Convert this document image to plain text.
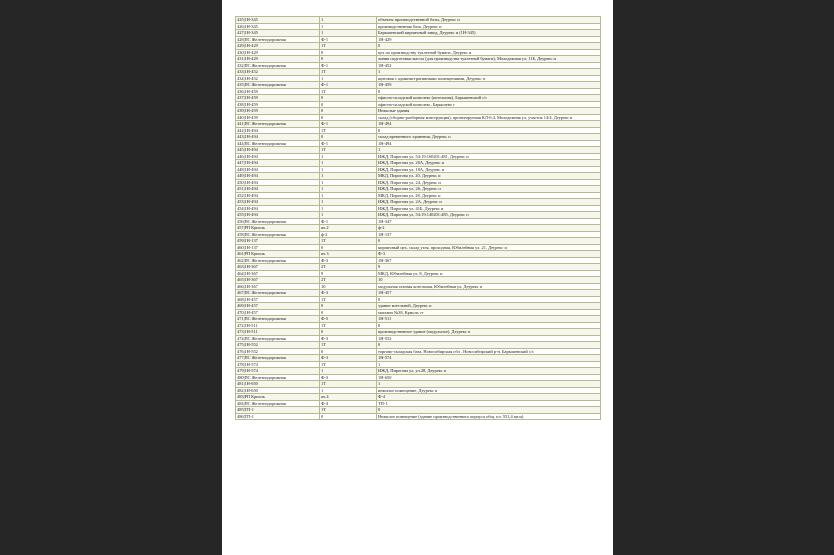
425|1Н-345	1	объекты производственной базы, Деурекс и
426|1Н-345	1	производственная база, Деурекс и
427|1Н-345	1	Барышевский кирпичный завод, Деурекс и (1Н-345)
428|ПС Железнодорожная	Ф-1	1Н-429
429|1Н-429	1Т	0
430|1Н-429	0	цех по производству туалетной бумаги, Деурекс и
431|1Н-429	0	линия подготовки массы (для производства туалетной бумаги), Молодежная ул, 11Б, Деурекс и
432|ПС Железнодорожная	Ф-1	1Н-452
433|1Н-452	1Т	1
434|1Н-452	1	щитовая с административными помещениями, Деурекс п
435|ПС Железнодорожная	Ф-1	1Н-459
436|1Н-459	1Т	0
437|1Н-459	0	офисно-складской комплекс (котельная), Барышевский с/с
438|1Н-459	0	офисно-складской комплекс, Барышево с
439|1Н-459	0	Нежилые здания
440|1Н-459	0	склад (сборно-разборная конструкция), проектируемая КЛ-0,4, Молодежная ул, участок 14/4, Деурекс и
441|ПС Железнодорожная	Ф-1	1Н-494
442|1Н-494	1Т	0
443|1Н-494	0	склад временного хранения, Деурекс п
444|ПС Железнодорожная	Ф-1	1Н-494
445|1Н-494	1Т	1
446|1Н-494	1	ИЖД, Пирогова ул, 54:19:160201:481, Деурекс и
447|1Н-494	1	ИЖД, Пирогова ул, 20А, Деурекс и
448|1Н-494	1	ИЖД, Пирогова ул, 18А, Деурекс и
449|1Н-494	1	МКД, Пирогова ул, 20, Деурекс и
450|1Н-494	1	ИЖД, Пирогова ул, 24, Деурекс и
451|1Н-494	1	ИЖД, Пирогова ул, 26, Деурекс п
452|1Н-494	1	МКД, Пирогова ул, 28, Деурекс и
453|1Н-494	1	ИЖД, Пирогова ул, 2А, Деурекс и
454|1Н-494	1	ИЖД, Пирогова ул, 41Б, Деурекс и
455|1Н-494	1	ИЖД, Пирогова ул, 54:19:140201:485, Деурекс п
456|ПС Железнодорожная	Ф-1	1Н-347
457|РП Криоль	яч.2	ф-2
458|ПС Железнодорожная	ф-2	1Н-137
459|1Н-137	1Т	0
460|1Н-137	0	кирпичный цех, склад угля, проходная, Юбилейная ул, 21, Деурекс и
461|РП Криоль	яч.3	Ф-3
462|ПС Железнодорожная	Ф-3	1Н-367
463|1Н-367	2Т	9
464|1Н-367	9	МКД, Юбилейная ул, 8, Деурекс и
465|1Н-367	2Т	10
466|1Н-367	10	модульная газовая котельная, Юбилейная ул, Деурекс п
467|ПС Железнодорожная	Ф-3	1Н-457
468|1Н-457	1Т	0
469|1Н-457	0	здание котельной, Деурекс и
470|1Н-457	0	магазин №38, Криоль ст
471|ПС Железнодорожная	Ф-5	1Н-511
472|1Н-511	1Т	0
473|1Н-511	0	производственное здание (модульное), Деурекс п
474|ПС Железнодорожная	Ф-3	1Н-552
475|1Н-552	1Т	0
476|1Н-552	0	торгово-складская база, Новосибирская обл , Новосибирский р-н, Барышевский с/с
477|ПС Железнодорожная	Ф-3	1Н-574
478|1Н-574	1Т	1
479|1Н-574	1	ИЖД, Пирогова ул, ул.28, Деурекс п
480|ПС Железнодорожная	Ф-3	1Н-650
481|1Н-650	1Т	1
482|1Н-650	1	нежилое помещение, Деурекс п
483|РП Криоль	яч.4	Ф-4
484|ПС Железнодорожная	Ф-4	ТП-1
485|ТП-1	1Т	0
486|ТП-1	0	Нежилое помещение (здание производственного корпуса общ. пл. 551,4 кв.м)
